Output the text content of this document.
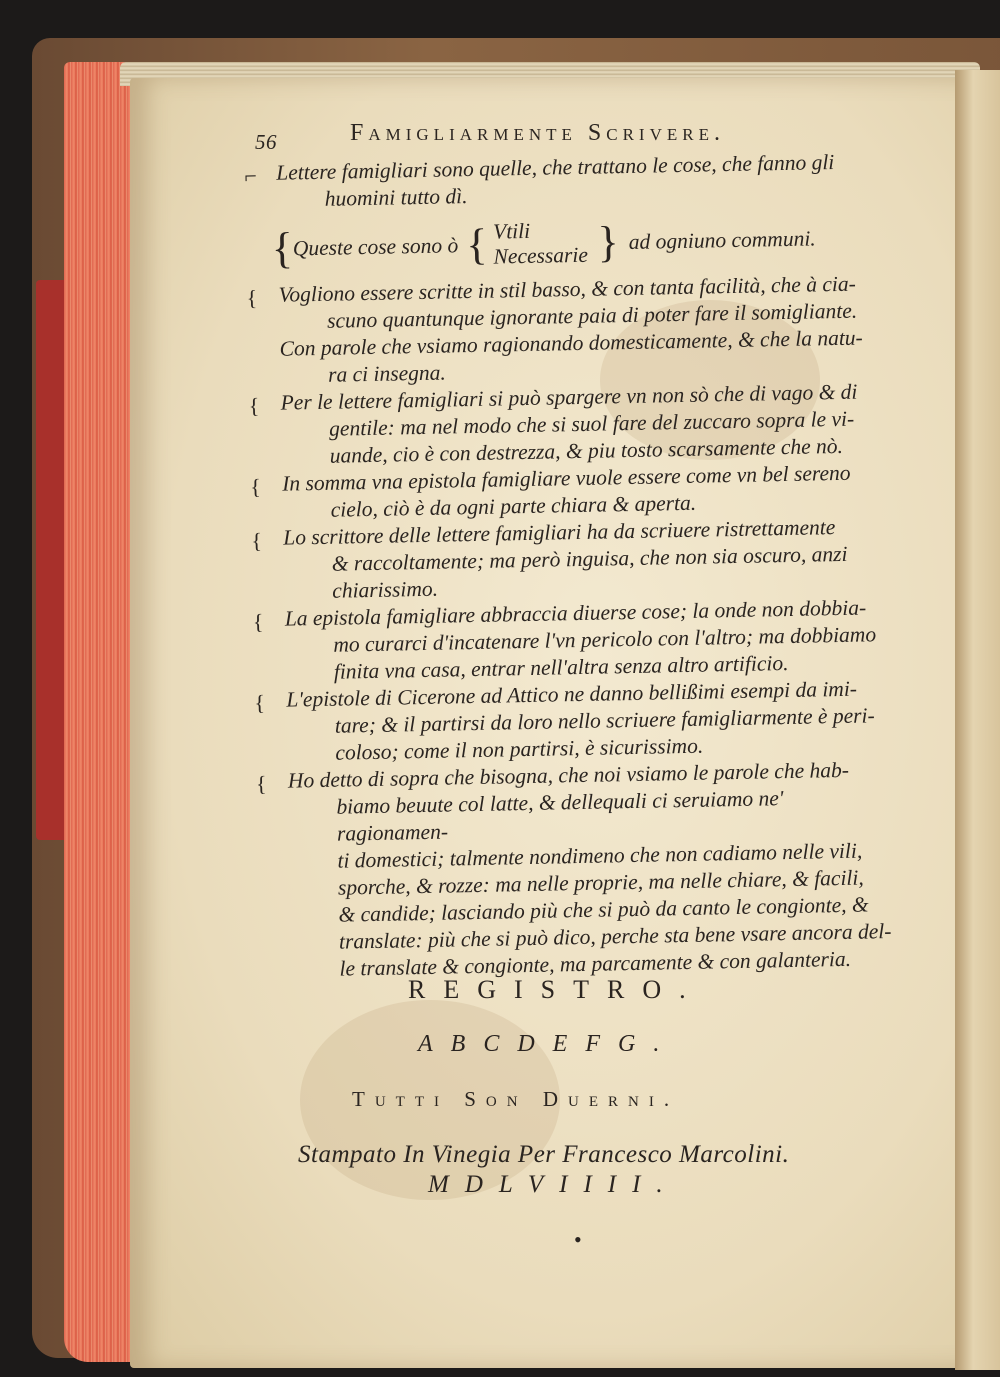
56	Famigliarmente Scrivere.
⌐ Lettere famigliari sono quelle, che trattano le cose, che fanno gli
huomini tutto dì.
{ Queste cose sono ò { Vtili
Necessarie } ad ogniuno communi.
{ Vogliono essere scritte in stil basso, & con tanta facilità, che à cia-
scuno quantunque ignorante paia di poter fare il somigliante.
Con parole che vsiamo ragionando domesticamente, & che la natu-
ra ci insegna.
{ Per le lettere famigliari si può spargere vn non sò che di vago & di
gentile: ma nel modo che si suol fare del zuccaro sopra le vi-
uande, cio è con destrezza, & piu tosto scarsamente che nò.
{ In somma vna epistola famigliare vuole essere come vn bel sereno
cielo, ciò è da ogni parte chiara & aperta.
{ Lo scrittore delle lettere famigliari ha da scriuere ristrettamente
& raccoltamente; ma però inguisa, che non sia oscuro, anzi
chiarissimo.
{ La epistola famigliare abbraccia diuerse cose; la onde non dobbia-
mo curarci d'incatenare l'vn pericolo con l'altro; ma dobbiamo
finita vna casa, entrar nell'altra senza altro artificio.
{ L'epistole di Cicerone ad Attico ne danno bellißimi esempi da imi-
tare; & il partirsi da loro nello scriuere famigliarmente è peri-
coloso; come il non partirsi, è sicurissimo.
{ Ho detto di sopra che bisogna, che noi vsiamo le parole che hab-
biamo beuute col latte, & dellequali ci seruiamo ne' ragionamen-
ti domestici; talmente nondimeno che non cadiamo nelle vili,
sporche, & rozze: ma nelle proprie, ma nelle chiare, & facili,
& candide; lasciando più che si può da canto le congionte, &
translate: più che si può dico, perche sta bene vsare ancora del-
le translate & congionte, ma parcamente & con galanteria.
REGISTRO.
ABCDEFG.
Tutti Son Duerni.
Stampato In Vinegia Per Francesco Marcolini.
MDLVIIII.
•
